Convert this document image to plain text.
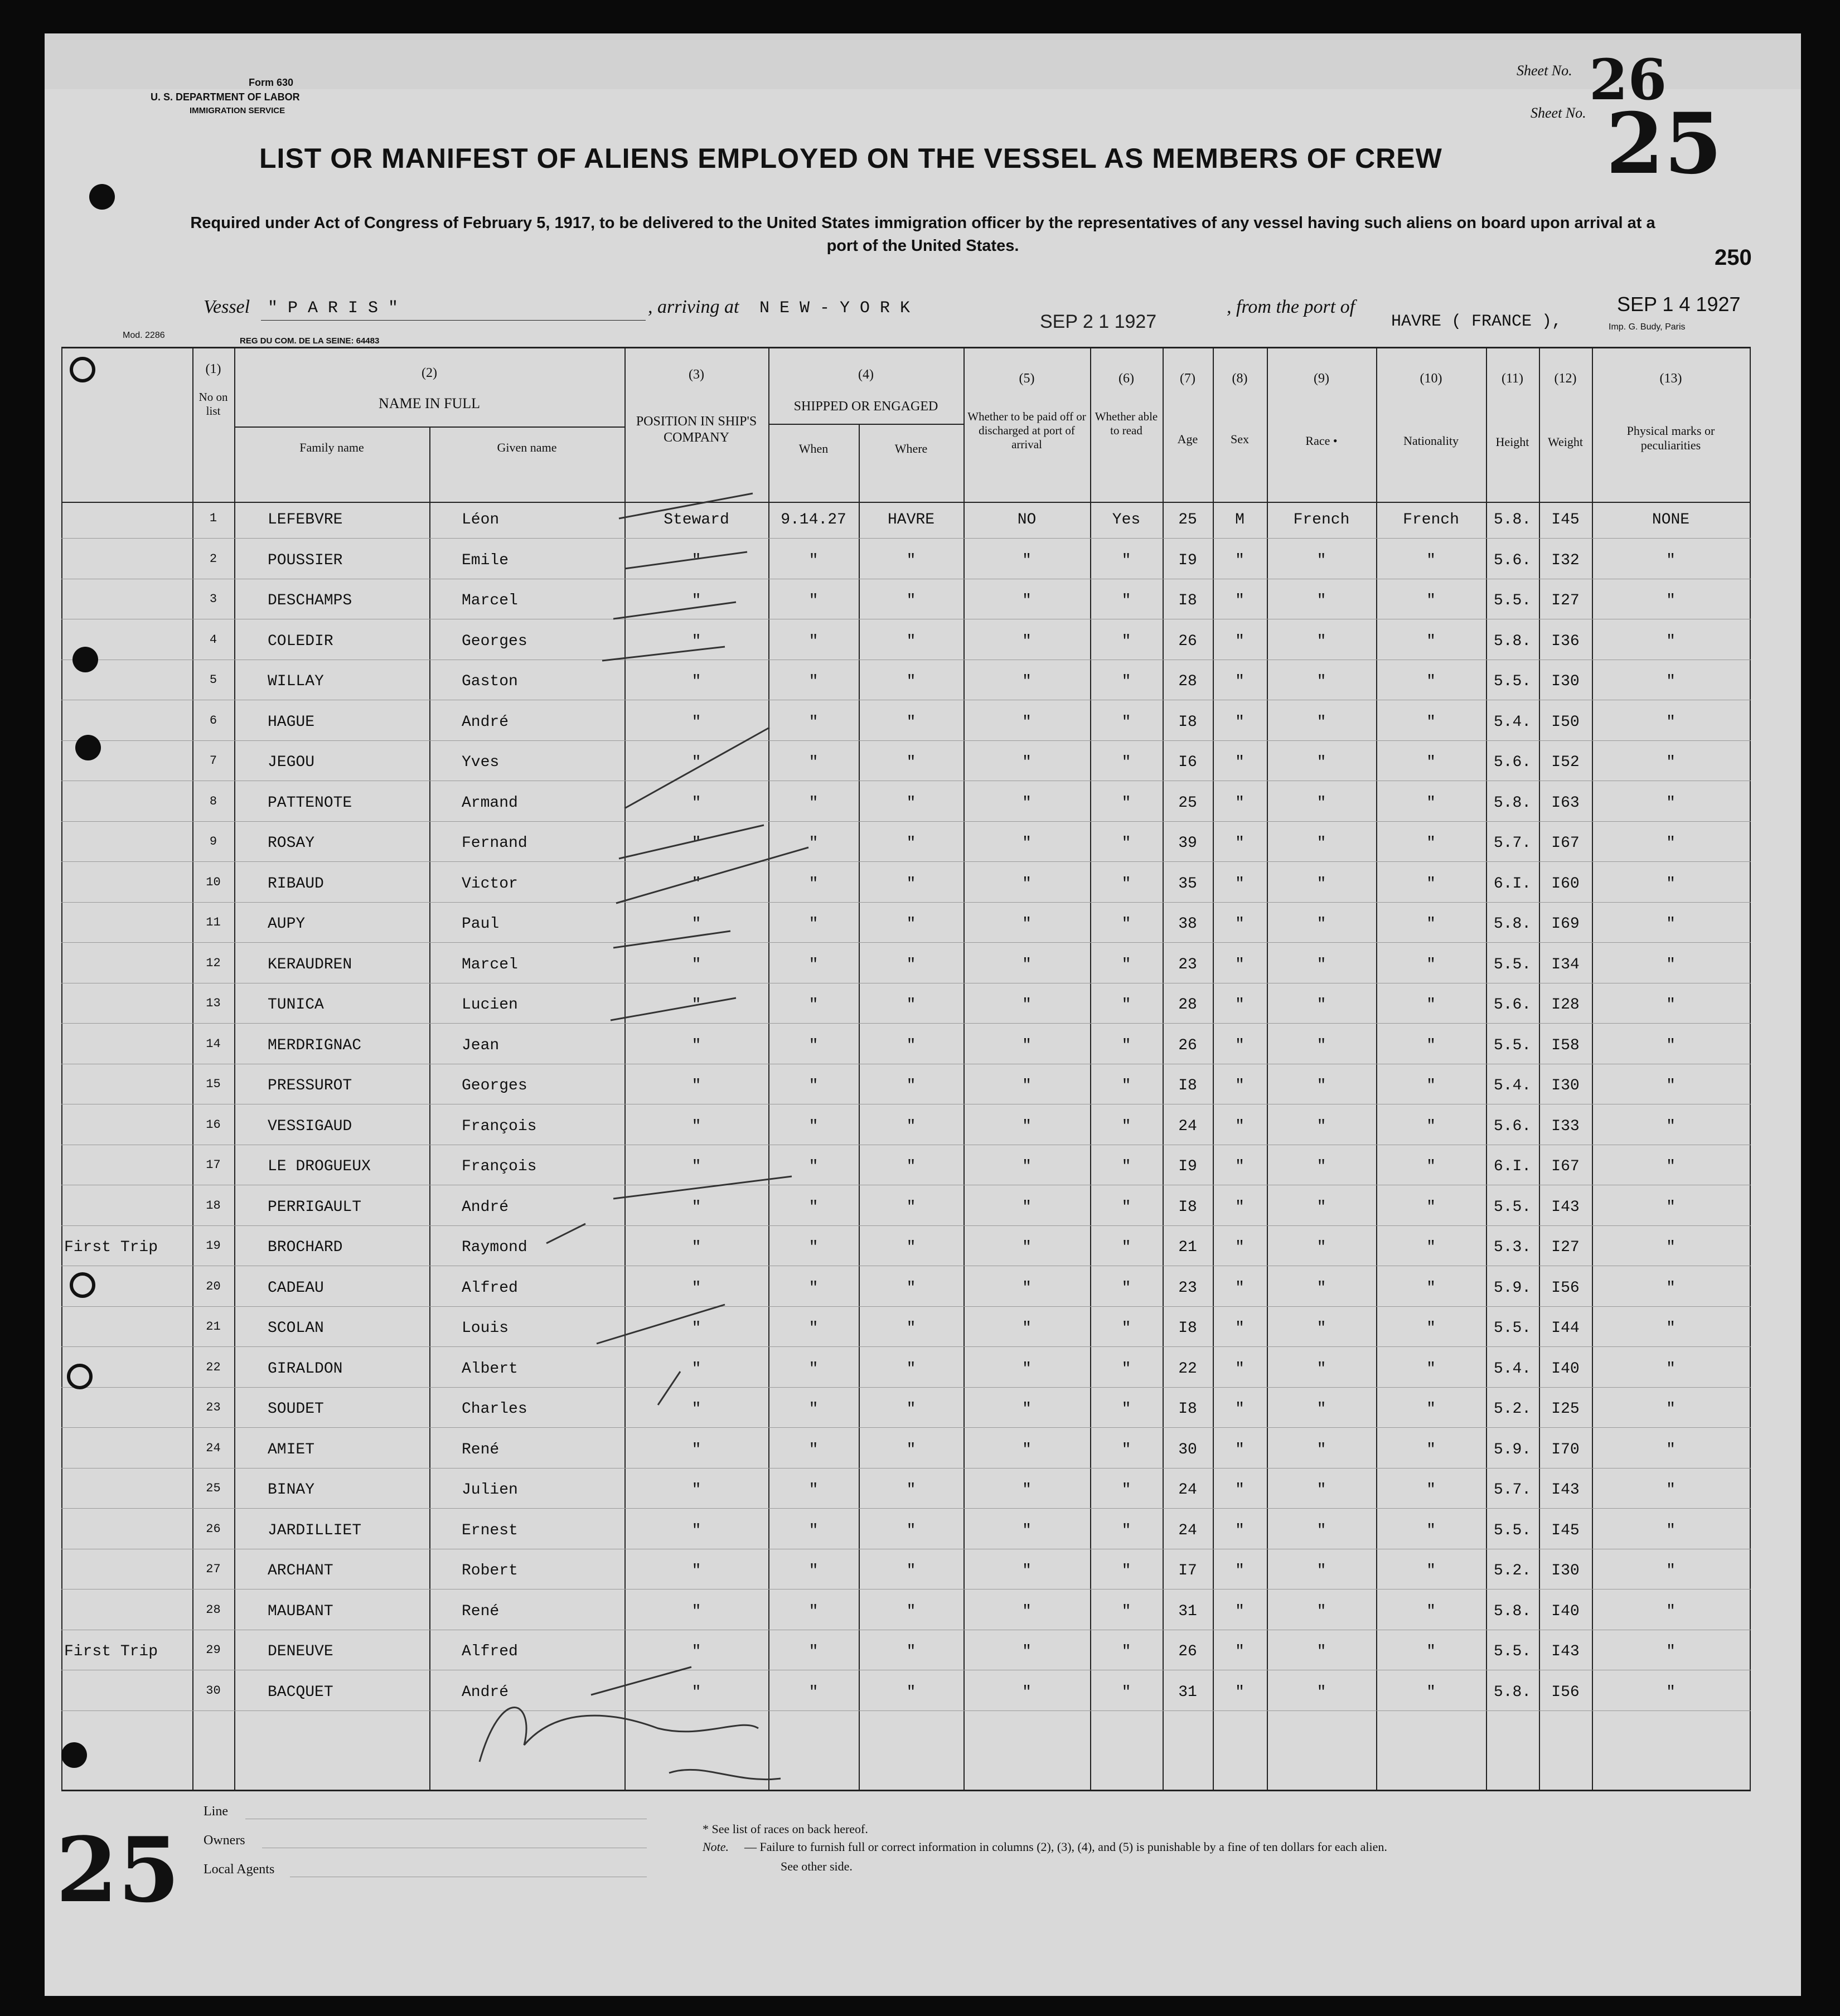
Sheet No. 26
Sheet No. 25
Form 630
U. S. DEPARTMENT OF LABOR
IMMIGRATION SERVICE
LIST OR MANIFEST OF ALIENS EMPLOYED ON THE VESSEL AS MEMBERS OF CREW
Required under Act of Congress of February 5, 1917, to be delivered to the United States immigration officer by the representatives of any vessel having such aliens on board upon arrival at a port of the United States.	250
Vessel " P A R I S "	, arriving at N E W - Y O R K
SEP 2 1 1927
, from the port of
HAVRE ( FRANCE ),
SEP 1 4 1927
Mod. 2286
REG DU COM. DE LA SEINE: 64483
Imp. G. Budy, Paris
(1)
No on list
(2)
NAME IN FULL
Family name	Given name
(3)
POSITION IN SHIP'S COMPANY
(4)
SHIPPED OR ENGAGED
When	Where
(5)
Whether to be paid off or discharged at port of arrival
(6)
Whether able to read
(7)
Age
(8)
Sex
(9)
Race •
(10)
Nationality
(11)
Height
(12)
Weight
(13)
Physical marks or peculiarities
1	LEFEBVRE	Léon	Steward	9.14.27	HAVRE	NO	Yes	25	M	French	French	5.8.	I45	NONE
2	POUSSIER	Emile	"	"	"	"	"	I9	"	"	"	5.6.	I32	"
3	DESCHAMPS	Marcel	"	"	"	"	"	I8	"	"	"	5.5.	I27	"
4	COLEDIR	Georges	"	"	"	"	"	26	"	"	"	5.8.	I36	"
5	WILLAY	Gaston	"	"	"	"	"	28	"	"	"	5.5.	I30	"
6	HAGUE	André	"	"	"	"	"	I8	"	"	"	5.4.	I50	"
7	JEGOU	Yves	"	"	"	"	"	I6	"	"	"	5.6.	I52	"
8	PATTENOTE	Armand	"	"	"	"	"	25	"	"	"	5.8.	I63	"
9	ROSAY	Fernand	"	"	"	"	"	39	"	"	"	5.7.	I67	"
10	RIBAUD	Victor	"	"	"	"	"	35	"	"	"	6.I.	I60	"
11	AUPY	Paul	"	"	"	"	"	38	"	"	"	5.8.	I69	"
12	KERAUDREN	Marcel	"	"	"	"	"	23	"	"	"	5.5.	I34	"
13	TUNICA	Lucien	"	"	"	"	"	28	"	"	"	5.6.	I28	"
14	MERDRIGNAC	Jean	"	"	"	"	"	26	"	"	"	5.5.	I58	"
15	PRESSUROT	Georges	"	"	"	"	"	I8	"	"	"	5.4.	I30	"
16	VESSIGAUD	François	"	"	"	"	"	24	"	"	"	5.6.	I33	"
17	LE DROGUEUX	François	"	"	"	"	"	I9	"	"	"	6.I.	I67	"
18	PERRIGAULT	André	"	"	"	"	"	I8	"	"	"	5.5.	I43	"
19	BROCHARD	Raymond	"	"	"	"	"	21	"	"	"	5.3.	I27	"
First Trip
20	CADEAU	Alfred	"	"	"	"	"	23	"	"	"	5.9.	I56	"
21	SCOLAN	Louis	"	"	"	"	"	I8	"	"	"	5.5.	I44	"
22	GIRALDON	Albert	"	"	"	"	"	22	"	"	"	5.4.	I40	"
23	SOUDET	Charles	"	"	"	"	"	I8	"	"	"	5.2.	I25	"
24	AMIET	René	"	"	"	"	"	30	"	"	"	5.9.	I70	"
25	BINAY	Julien	"	"	"	"	"	24	"	"	"	5.7.	I43	"
26	JARDILLIET	Ernest	"	"	"	"	"	24	"	"	"	5.5.	I45	"
27	ARCHANT	Robert	"	"	"	"	"	I7	"	"	"	5.2.	I30	"
28	MAUBANT	René	"	"	"	"	"	31	"	"	"	5.8.	I40	"
29	DENEUVE	Alfred	"	"	"	"	"	26	"	"	"	5.5.	I43	"
First Trip
30	BACQUET	André	"	"	"	"	"	31	"	"	"	5.8.	I56	"
Line
Owners
Local Agents
* See list of races on back hereof.
Note. — Failure to furnish full or correct information in columns (2), (3), (4), and (5) is punishable by a fine of ten dollars for each alien.
See other side.
25
